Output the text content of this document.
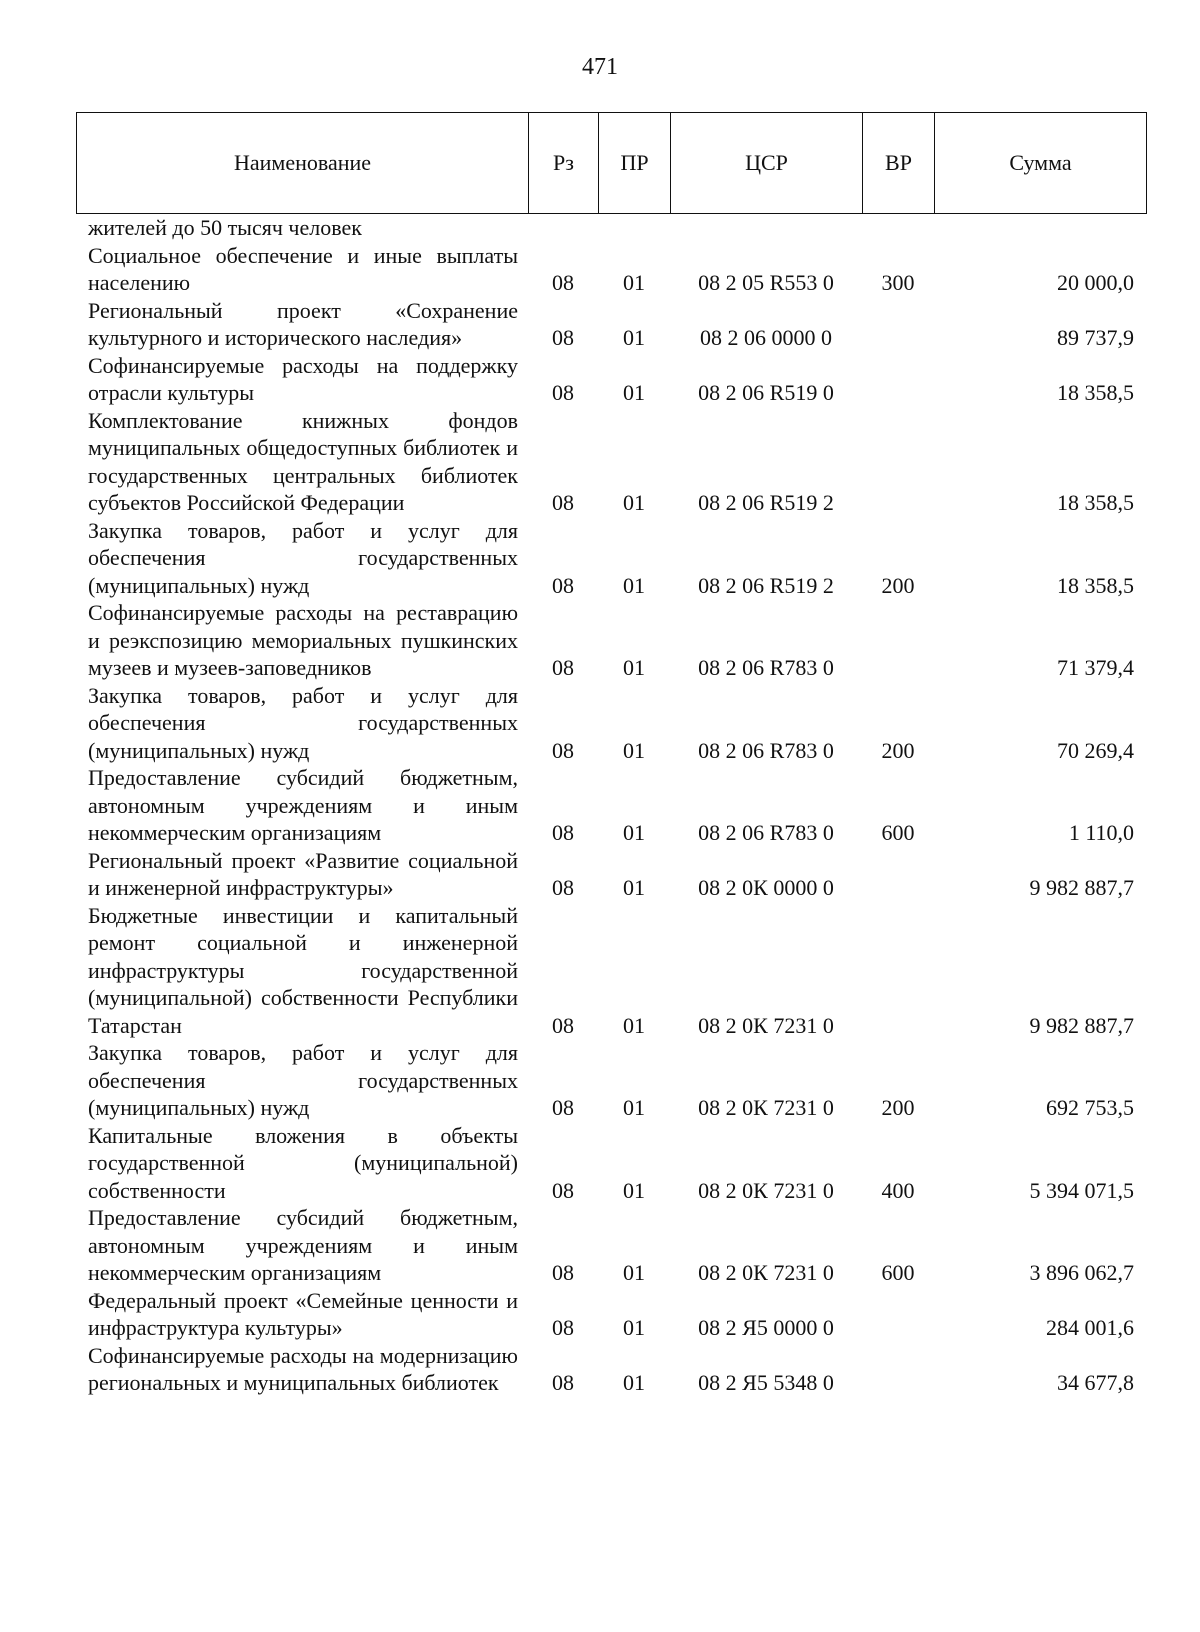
471
Наименование	Рз	ПР	ЦСР	ВР	Сумма
жителей до 50 тысяч человек					
Социальное обеспечение и иные выплаты населению	08	01	08 2 05 R553 0	300	20 000,0
Региональный проект «Сохранение культурного и исторического наследия»	08	01	08 2 06 0000 0		89 737,9
Софинансируемые расходы на поддержку отрасли культуры	08	01	08 2 06 R519 0		18 358,5
Комплектование книжных фондов муниципальных общедоступных библиотек и государственных центральных библиотек субъектов Российской Федерации	08	01	08 2 06 R519 2		18 358,5
Закупка товаров, работ и услуг для обеспечения государственных (муниципальных) нужд	08	01	08 2 06 R519 2	200	18 358,5
Софинансируемые расходы на реставрацию и реэкспозицию мемориальных пушкинских музеев и музеев-заповедников	08	01	08 2 06 R783 0		71 379,4
Закупка товаров, работ и услуг для обеспечения государственных (муниципальных) нужд	08	01	08 2 06 R783 0	200	70 269,4
Предоставление субсидий бюджетным, автономным учреждениям и иным некоммерческим организациям	08	01	08 2 06 R783 0	600	1 110,0
Региональный проект «Развитие социальной и инженерной инфраструктуры»	08	01	08 2 0К 0000 0		9 982 887,7
Бюджетные инвестиции и капитальный ремонт социальной и инженерной инфраструктуры государственной (муниципальной) собственности Республики Татарстан	08	01	08 2 0К 7231 0		9 982 887,7
Закупка товаров, работ и услуг для обеспечения государственных (муниципальных) нужд	08	01	08 2 0К 7231 0	200	692 753,5
Капитальные вложения в объекты государственной (муниципальной) собственности	08	01	08 2 0К 7231 0	400	5 394 071,5
Предоставление субсидий бюджетным, автономным учреждениям и иным некоммерческим организациям	08	01	08 2 0К 7231 0	600	3 896 062,7
Федеральный проект «Семейные ценности и инфраструктура культуры»	08	01	08 2 Я5 0000 0		284 001,6
Софинансируемые расходы на модернизацию региональных и муниципальных библиотек	08	01	08 2 Я5 5348 0		34 677,8
